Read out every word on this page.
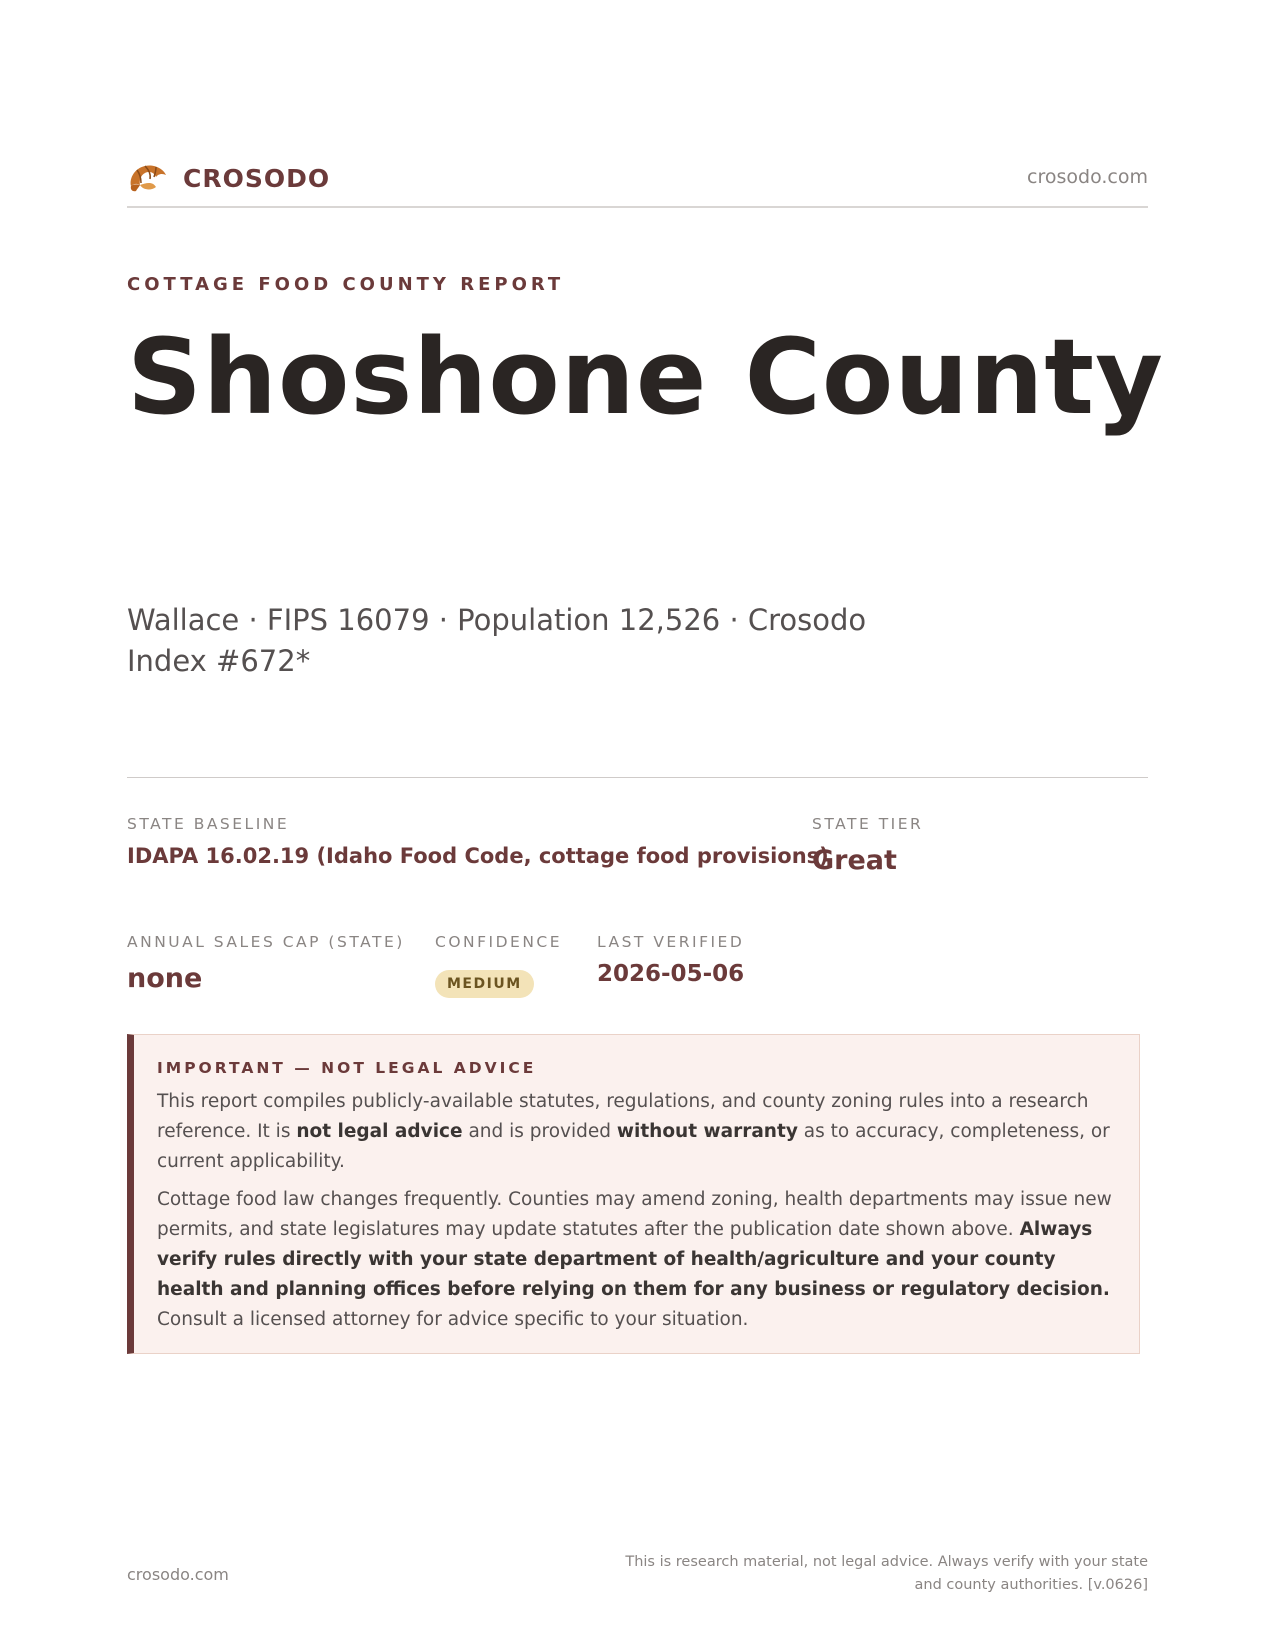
CROSODO	crosodo.com
COTTAGE FOOD COUNTY REPORT
Shoshone County
Wallace · FIPS 16079 · Population 12,526 · Crosodo Index #672*
STATE BASELINE
IDAPA 16.02.19 (Idaho Food Code, cottage food provisions)
STATE TIER
Great
ANNUAL SALES CAP (STATE)
none
CONFIDENCE
MEDIUM
LAST VERIFIED
2026-05-06
IMPORTANT — NOT LEGAL ADVICE
This report compiles publicly-available statutes, regulations, and county zoning rules into a research reference. It is not legal advice and is provided without warranty as to accuracy, completeness, or current applicability.
Cottage food law changes frequently. Counties may amend zoning, health departments may issue new permits, and state legislatures may update statutes after the publication date shown above. Always verify rules directly with your state department of health/agriculture and your county health and planning offices before relying on them for any business or regulatory decision. Consult a licensed attorney for advice specific to your situation.
crosodo.com
This is research material, not legal advice. Always verify with your state and county authorities. [v.0626]
